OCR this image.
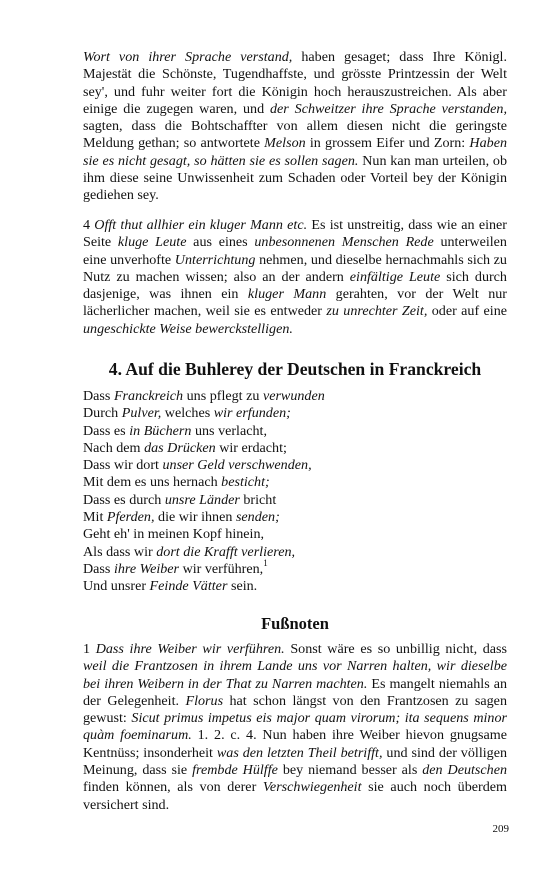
Wort von ihrer Sprache verstand, haben gesaget; dass Ihre Königl. Majestät die Schönste, Tugendhaffste, und grösste Printzessin der Welt sey', und fuhr weiter fort die Königin hoch herauszustreichen. Als aber einige die zugegen waren, und der Schweitzer ihre Sprache verstanden, sagten, dass die Bohtschaffter von allem diesen nicht die geringste Meldung gethan; so antwortete Melson in grossem Eifer und Zorn: Haben sie es nicht gesagt, so hätten sie es sollen sagen. Nun kan man urteilen, ob ihm diese seine Unwissenheit zum Schaden oder Vorteil bey der Königin gediehen sey.

4 Offt thut allhier ein kluger Mann etc. Es ist unstreitig, dass wie an einer Seite kluge Leute aus eines unbesonnenen Menschen Rede unterweilen eine unverhofte Unterrichtung nehmen, und dieselbe hernachmahls sich zu Nutz zu machen wissen; also an der andern einfältige Leute sich durch dasjenige, was ihnen ein kluger Mann gerahten, vor der Welt nur lächerlicher machen, weil sie es entweder zu unrechter Zeit, oder auf eine ungeschickte Weise bewerckstelligen.

4. Auf die Buhlerey der Deutschen in Franckreich
Dass Franckreich uns pflegt zu verwunden
Durch Pulver, welches wir erfunden;
Dass es in Büchern uns verlacht,
Nach dem das Drücken wir erdacht;
Dass wir dort unser Geld verschwenden,
Mit dem es uns hernach besticht;
Dass es durch unsre Länder bricht
Mit Pferden, die wir ihnen senden;
Geht eh' in meinen Kopf hinein,
Als dass wir dort die Krafft verlieren,
Dass ihre Weiber wir verführen,$^1$
Und unsrer Feinde Vätter sein.
Fußnoten

1 Dass ihre Weiber wir verführen. Sonst wäre es so unbillig nicht, dass weil die Frantzosen in ihrem Lande uns vor Narren halten, wir dieselbe bei ihren Weibern in der That zu Narren machten. Es mangelt niemahls an der Gelegenheit. Florus hat schon längst von den Frantzosen zu sagen gewust: Sicut primus impetus eis major quam virorum; ita sequens minor quàm foeminarum. 1. 2. c. 4. Nun haben ihre Weiber hievon gnugsame Kentnüss; insonderheit was den letzten Theil betrifft, und sind der völligen Meinung, dass sie frembde Hülffe bey niemand besser als den Deutschen finden können, als von derer Verschwiegenheit sie auch noch überdem versichert sind.

209
